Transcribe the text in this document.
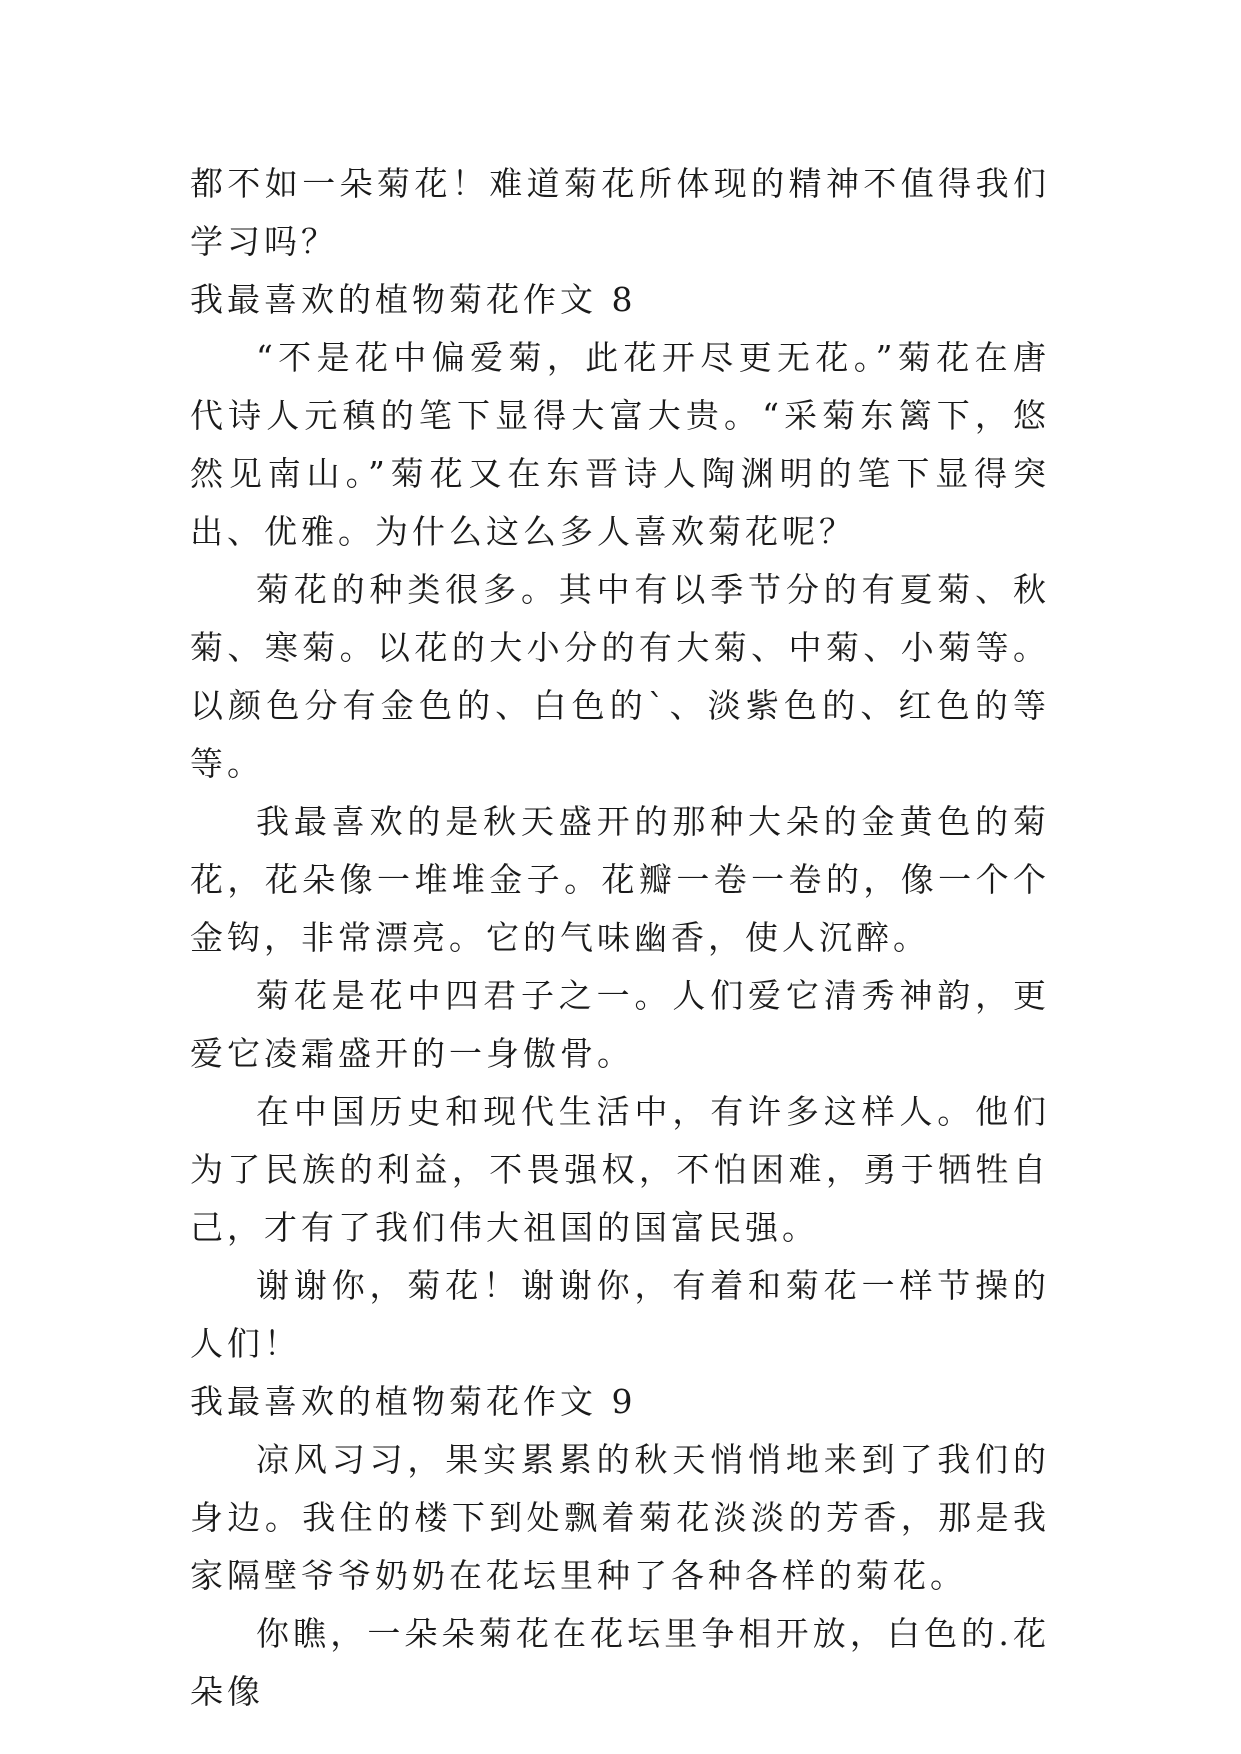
都不如一朵菊花！难道菊花所体现的精神不值得我们学习吗？

我最喜欢的植物菊花作文 8

“不是花中偏爱菊，此花开尽更无花。”菊花在唐代诗人元稹的笔下显得大富大贵。“采菊东篱下，悠然见南山。”菊花又在东晋诗人陶渊明的笔下显得突出、优雅。为什么这么多人喜欢菊花呢？

菊花的种类很多。其中有以季节分的有夏菊、秋菊、寒菊。以花的大小分的有大菊、中菊、小菊等。以颜色分有金色的、白色的`、淡紫色的、红色的等等。

我最喜欢的是秋天盛开的那种大朵的金黄色的菊花，花朵像一堆堆金子。花瓣一卷一卷的，像一个个金钩，非常漂亮。它的气味幽香，使人沉醉。

菊花是花中四君子之一。人们爱它清秀神韵，更爱它凌霜盛开的一身傲骨。

在中国历史和现代生活中，有许多这样人。他们为了民族的利益，不畏强权，不怕困难，勇于牺牲自己，才有了我们伟大祖国的国富民强。

谢谢你，菊花！谢谢你，有着和菊花一样节操的人们！

我最喜欢的植物菊花作文 9

凉风习习，果实累累的秋天悄悄地来到了我们的身边。我住的楼下到处飘着菊花淡淡的芳香，那是我家隔壁爷爷奶奶在花坛里种了各种各样的菊花。

你瞧，一朵朵菊花在花坛里争相开放，白色的.花朵像
